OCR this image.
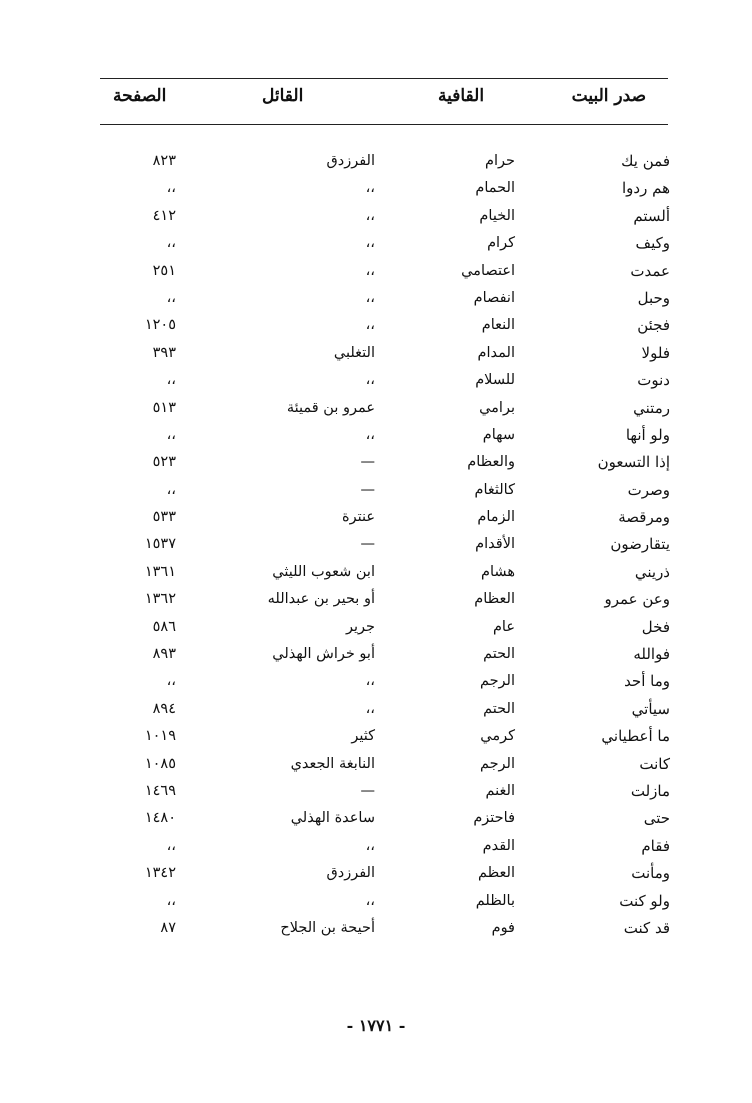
صدر البيت
القافية
القائل
الصفحة
فمن يك
حرام
الفرزدق
٨٢٣
هم ردوا
الحمام
،،
،،
ألستم
الخيام
،،
٤١٢
وكيف
كرام
،،
،،
عمدت
اعتصامي
،،
٢٥١
وحبل
انفصام
،،
،،
فجئن
النعام
،،
١٢٠٥
فلولا
المدام
التغلبي
٣٩٣
دنوت
للسلام
،،
،،
رمتني
برامي
عمرو بن قميئة
٥١٣
ولو أنها
سهام
،،
،،
إذا التسعون
والعظام
—
٥٢٣
وصرت
كالثغام
—
،،
ومرقصة
الزمام
عنترة
٥٣٣
يتقارضون
الأقدام
—
١٥٣٧
ذريني
هشام
ابن شعوب الليثي
١٣٦١
وعن عمرو
العظام
أو بحير بن عبدالله
١٣٦٢
فخل
عام
جرير
٥٨٦
فوالله
الحتم
أبو خراش الهذلي
٨٩٣
وما أحد
الرجم
،،
،،
سيأتي
الحتم
،،
٨٩٤
ما أعطياني
كرمي
كثير
١٠١٩
كانت
الرجم
النابغة الجعدي
١٠٨٥
مازلت
الغنم
—
١٤٦٩
حتى
فاحتزم
ساعدة الهذلي
١٤٨٠
فقام
القدم
،،
،،
ومأنت
العظم
الفرزدق
١٣٤٢
ولو كنت
بالظلم
،،
،،
قد كنت
فوم
أحيحة بن الجلاح
٨٧
- ١٧٧١ -
